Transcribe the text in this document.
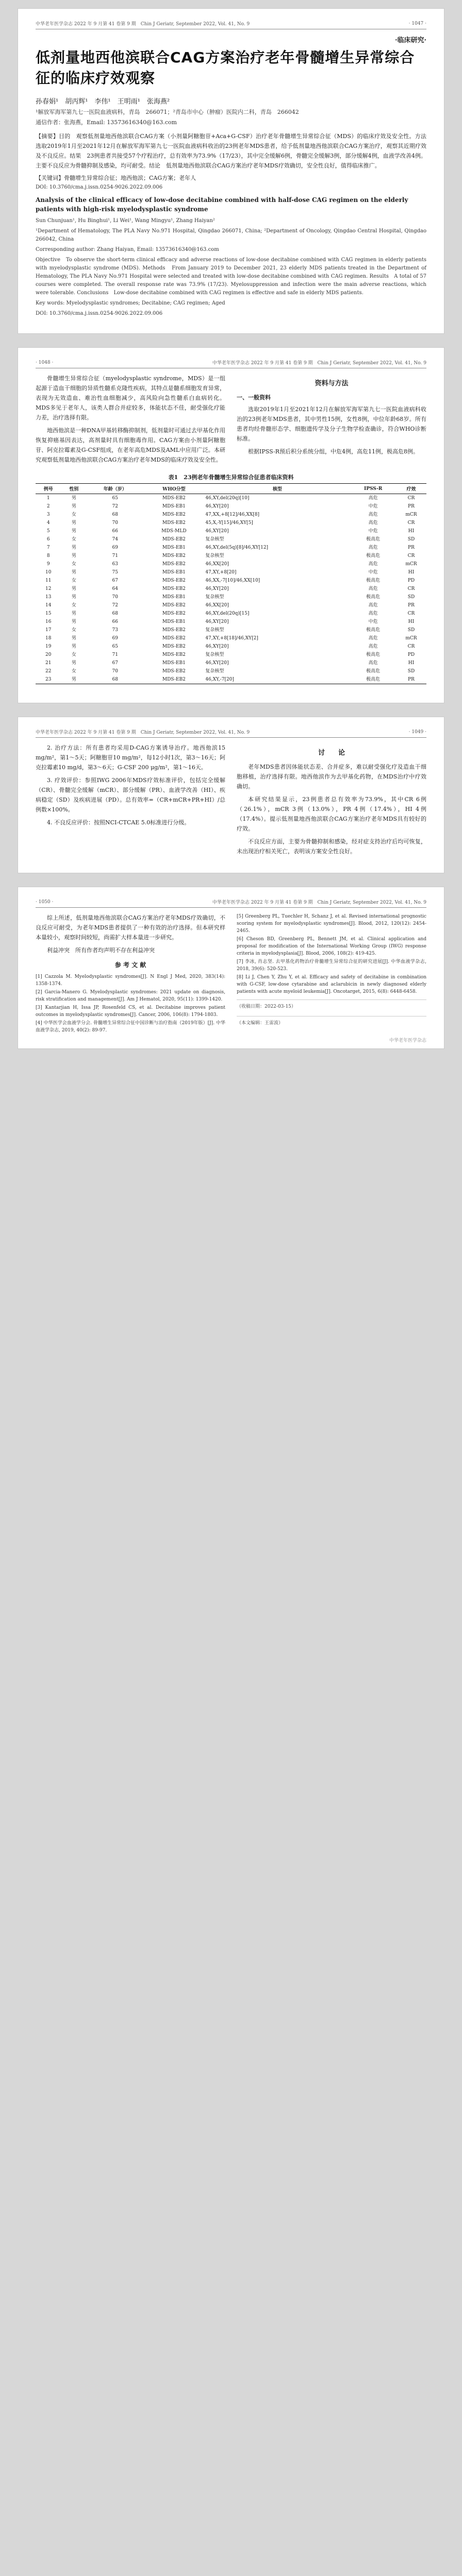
中华老年医学杂志 2022 年 9 月第 41 卷第 9 期　Chin J Geriatr, September 2022, Vol. 41, No. 9	· 1047 ·
·临床研究·
低剂量地西他滨联合CAG方案治疗老年骨髓增生异常综合征的临床疗效观察
孙春娟¹　胡丙辉¹　李伟¹　王明雨¹　张海燕²
¹解放军海军第九七一医院血液病科，青岛　266071；²青岛市中心（肿瘤）医院内二科，青岛　266042
通信作者：张海燕，Email: 13573616340@163.com
【摘要】目的　观察低剂量地西他滨联合CAG方案（小剂量阿糖胞苷+Aca+G-CSF）治疗老年骨髓增生异常综合征（MDS）的临床疗效及安全性。方法　选取2019年1月至2021年12月在解放军海军第九七一医院血液病科收治的23例老年MDS患者，给予低剂量地西他滨联合CAG方案治疗，观察其近期疗效及不良反应。结果　23例患者共接受57个疗程治疗，总有效率为73.9%（17/23），其中完全缓解6例，骨髓完全缓解3例，部分缓解4例，血液学改善4例。主要不良反应为骨髓抑制及感染，均可耐受。结论　低剂量地西他滨联合CAG方案治疗老年MDS疗效确切，安全性良好，值得临床推广。
【关键词】骨髓增生异常综合征；地西他滨；CAG方案；老年人
DOI: 10.3760/cma.j.issn.0254-9026.2022.09.006
Analysis of the clinical efficacy of low-dose decitabine combined with half-dose CAG regimen on the elderly patients with high-risk myelodysplastic syndrome
Sun Chunjuan¹, Hu Binghui¹, Li Wei¹, Wang Mingyu¹, Zhang Haiyan²
¹Department of Hematology, The PLA Navy No.971 Hospital, Qingdao 266071, China; ²Department of Oncology, Qingdao Central Hospital, Qingdao 266042, China
Corresponding author: Zhang Haiyan, Email: 13573616340@163.com
Objective　To observe the short-term clinical efficacy and adverse reactions of low-dose decitabine combined with CAG regimen in elderly patients with myelodysplastic syndrome (MDS). Methods　From January 2019 to December 2021, 23 elderly MDS patients treated in the Department of Hematology, The PLA Navy No.971 Hospital were selected and treated with low-dose decitabine combined with CAG regimen. Results　A total of 57 courses were completed. The overall response rate was 73.9% (17/23). Myelosuppression and infection were the main adverse reactions, which were tolerable. Conclusions　Low-dose decitabine combined with CAG regimen is effective and safe in elderly MDS patients.
Key words: Myelodysplastic syndromes; Decitabine; CAG regimen; Aged
DOI: 10.3760/cma.j.issn.0254-9026.2022.09.006
· 1048 ·	中华老年医学杂志 2022 年 9 月第 41 卷第 9 期　Chin J Geriatr, September 2022, Vol. 41, No. 9

骨髓增生异常综合征（myelodysplastic syndrome，MDS）是一组起源于造血干细胞的异质性髓系克隆性疾病，其特点是髓系细胞发育异常，表现为无效造血、难治性血细胞减少，高风险向急性髓系白血病转化。MDS多见于老年人，该类人群合并症较多，体能状态不佳，耐受强化疗能力差，治疗选择有限。

地西他滨是一种DNA甲基转移酶抑制剂，低剂量时可通过去甲基化作用恢复抑癌基因表达，高剂量时具有细胞毒作用。CAG方案由小剂量阿糖胞苷、阿克拉霉素及G-CSF组成，在老年高危MDS及AML中应用广泛。本研究观察低剂量地西他滨联合CAG方案治疗老年MDS的临床疗效及安全性。

资料与方法
一、一般资料

选取2019年1月至2021年12月在解放军海军第九七一医院血液病科收治的23例老年MDS患者，其中男性15例，女性8例，中位年龄68岁。所有患者均经骨髓形态学、细胞遗传学及分子生物学检查确诊，符合WHO诊断标准。

根据IPSS-R预后积分系统分组，中危4例，高危11例，极高危8例。

表1　23例老年骨髓增生异常综合征患者临床资料
例号	性别	年龄（岁）	WHO分型	核型	IPSS-R	疗效
1	男	65	MDS-EB2	46,XY,del(20q)[10]	高危	CR
2	男	72	MDS-EB1	46,XY[20]	中危	PR
3	女	68	MDS-EB2	47,XX,+8[12]/46,XX[8]	高危	mCR
4	男	70	MDS-EB2	45,X,-Y[15]/46,XY[5]	高危	CR
5	男	66	MDS-MLD	46,XY[20]	中危	HI
6	女	74	MDS-EB2	复杂核型	极高危	SD
7	男	69	MDS-EB1	46,XY,del(5q)[8]/46,XY[12]	高危	PR
8	男	71	MDS-EB2	复杂核型	极高危	CR
9	女	63	MDS-EB2	46,XX[20]	高危	mCR
10	男	75	MDS-EB1	47,XY,+8[20]	中危	HI
11	女	67	MDS-EB2	46,XX,-7[10]/46,XX[10]	极高危	PD
12	男	64	MDS-EB2	46,XY[20]	高危	CR
13	男	70	MDS-EB1	复杂核型	极高危	SD
14	女	72	MDS-EB2	46,XX[20]	高危	PR
15	男	68	MDS-EB2	46,XY,del(20q)[15]	高危	CR
16	男	66	MDS-EB1	46,XY[20]	中危	HI
17	女	73	MDS-EB2	复杂核型	极高危	SD
18	男	69	MDS-EB2	47,XY,+8[18]/46,XY[2]	高危	mCR
19	男	65	MDS-EB2	46,XY[20]	高危	CR
20	女	71	MDS-EB2	复杂核型	极高危	PD
21	男	67	MDS-EB1	46,XY[20]	高危	HI
22	女	70	MDS-EB2	复杂核型	极高危	SD
23	男	68	MDS-EB2	46,XY,-7[20]	极高危	PR
中华老年医学杂志 2022 年 9 月第 41 卷第 9 期　Chin J Geriatr, September 2022, Vol. 41, No. 9	· 1049 ·

2. 治疗方法：所有患者均采用D-CAG方案诱导治疗。地西他滨15 mg/m²，第1～5天；阿糖胞苷10 mg/m²，每12小时1次，第3～16天；阿克拉霉素10 mg/d，第3～6天；G-CSF 200 μg/m²，第1～16天。

3. 疗效评价：参照IWG 2006年MDS疗效标准评价，包括完全缓解（CR）、骨髓完全缓解（mCR）、部分缓解（PR）、血液学改善（HI）、疾病稳定（SD）及疾病进展（PD）。总有效率=（CR+mCR+PR+HI）/总例数×100%。

4. 不良反应评价：按照NCI-CTCAE 5.0标准进行分级。

讨　　论

老年MDS患者因体能状态差、合并症多，难以耐受强化疗及造血干细胞移植，治疗选择有限。地西他滨作为去甲基化药物，在MDS治疗中疗效确切。

本研究结果显示，23例患者总有效率为73.9%，其中CR 6例（26.1%），mCR 3例（13.0%），PR 4例（17.4%），HI 4例（17.4%）。提示低剂量地西他滨联合CAG方案治疗老年MDS具有较好的疗效。

不良反应方面，主要为骨髓抑制和感染，经对症支持治疗后均可恢复，未出现治疗相关死亡，表明该方案安全性良好。

· 1050 ·	中华老年医学杂志 2022 年 9 月第 41 卷第 9 期　Chin J Geriatr, September 2022, Vol. 41, No. 9

综上所述，低剂量地西他滨联合CAG方案治疗老年MDS疗效确切，不良反应可耐受，为老年MDS患者提供了一种有效的治疗选择。但本研究样本量较小，观察时间较短，尚需扩大样本量进一步研究。

利益冲突　所有作者均声明不存在利益冲突

参 考 文 献
[1] Cazzola M. Myelodysplastic syndromes[J]. N Engl J Med, 2020, 383(14): 1358-1374.
[2] Garcia-Manero G. Myelodysplastic syndromes: 2021 update on diagnosis, risk stratification and management[J]. Am J Hematol, 2020, 95(11): 1399-1420.
[3] Kantarjian H, Issa JP, Rosenfeld CS, et al. Decitabine improves patient outcomes in myelodysplastic syndromes[J]. Cancer, 2006, 106(8): 1794-1803.
[4] 中华医学会血液学分会. 骨髓增生异常综合征中国诊断与治疗指南（2019年版）[J]. 中华血液学杂志, 2019, 40(2): 89-97.
[5] Greenberg PL, Tuechler H, Schanz J, et al. Revised international prognostic scoring system for myelodysplastic syndromes[J]. Blood, 2012, 120(12): 2454-2465.
[6] Cheson BD, Greenberg PL, Bennett JM, et al. Clinical application and proposal for modification of the International Working Group (IWG) response criteria in myelodysplasia[J]. Blood, 2006, 108(2): 419-425.
[7] 李冰, 肖志坚. 去甲基化药物治疗骨髓增生异常综合征的研究进展[J]. 中华血液学杂志, 2018, 39(6): 520-523.
[8] Li J, Chen Y, Zhu Y, et al. Efficacy and safety of decitabine in combination with G-CSF, low-dose cytarabine and aclarubicin in newly diagnosed elderly patients with acute myeloid leukemia[J]. Oncotarget, 2015, 6(8): 6448-6458.
（收稿日期：2022-03-15）
（本文编辑：王雷波）
中华老年医学杂志
